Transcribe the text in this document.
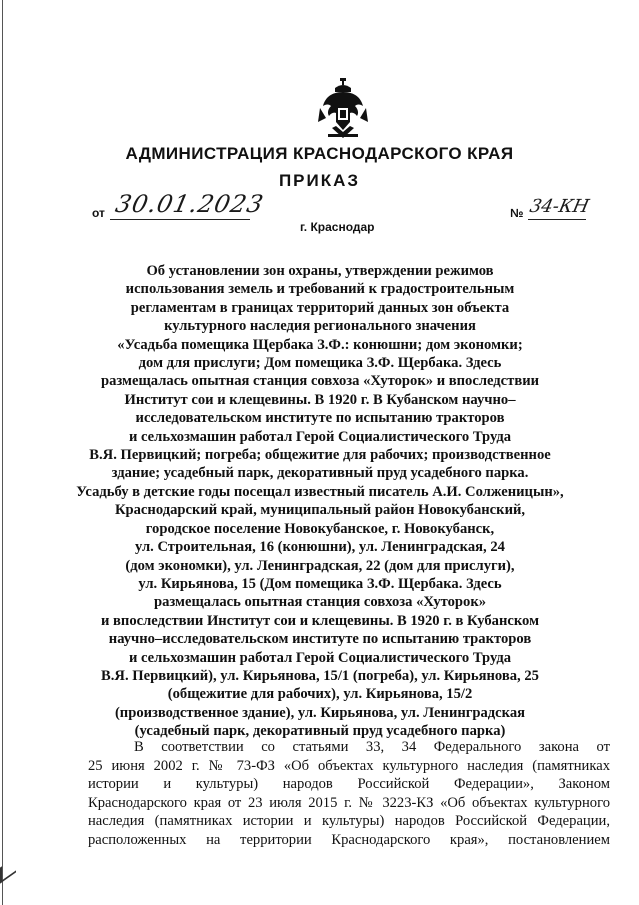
АДМИНИСТРАЦИЯ КРАСНОДАРСКОГО КРАЯ
ПРИКАЗ
от 30.01.2023
г. Краснодар
№ 34-КН
Об установлении зон охраны, утверждении режимов
использования земель и требований к градостроительным
регламентам в границах территорий данных зон объекта
культурного наследия регионального значения
«Усадьба помещика Щербака З.Ф.: конюшни; дом экономки;
дом для прислуги; Дом помещика З.Ф. Щербака. Здесь
размещалась опытная станция совхоза «Хуторок» и впоследствии
Институт сои и клещевины. В 1920 г. В Кубанском научно–
исследовательском институте по испытанию тракторов
и сельхозмашин работал Герой Социалистического Труда
В.Я. Первицкий; погреба; общежитие для рабочих; производственное
здание; усадебный парк, декоративный пруд усадебного парка.
Усадьбу в детские годы посещал известный писатель А.И. Солженицын»,
Краснодарский край, муниципальный район Новокубанский,
городское поселение Новокубанское, г. Новокубанск,
ул. Строительная, 16 (конюшни), ул. Ленинградская, 24
(дом экономки), ул. Ленинградская, 22 (дом для прислуги),
ул. Кирьянова, 15 (Дом помещика З.Ф. Щербака. Здесь
размещалась опытная станция совхоза «Хуторок»
и впоследствии Институт сои и клещевины. В 1920 г. в Кубанском
научно–исследовательском институте по испытанию тракторов
и сельхозмашин работал Герой Социалистического Труда
В.Я. Первицкий), ул. Кирьянова, 15/1 (погреба), ул. Кирьянова, 25
(общежитие для рабочих), ул. Кирьянова, 15/2
(производственное здание), ул. Кирьянова, ул. Ленинградская
(усадебный парк, декоративный пруд усадебного парка)
В соответствии со статьями 33, 34 Федерального закона от
25 июня 2002 г. № 73-ФЗ «Об объектах культурного наследия (памятниках
истории и культуры) народов Российской Федерации», Законом
Краснодарского края от 23 июля 2015 г. № 3223-КЗ «Об объектах культурного
наследия (памятниках истории и культуры) народов Российской Федерации,
расположенных на территории Краснодарского края», постановлением
